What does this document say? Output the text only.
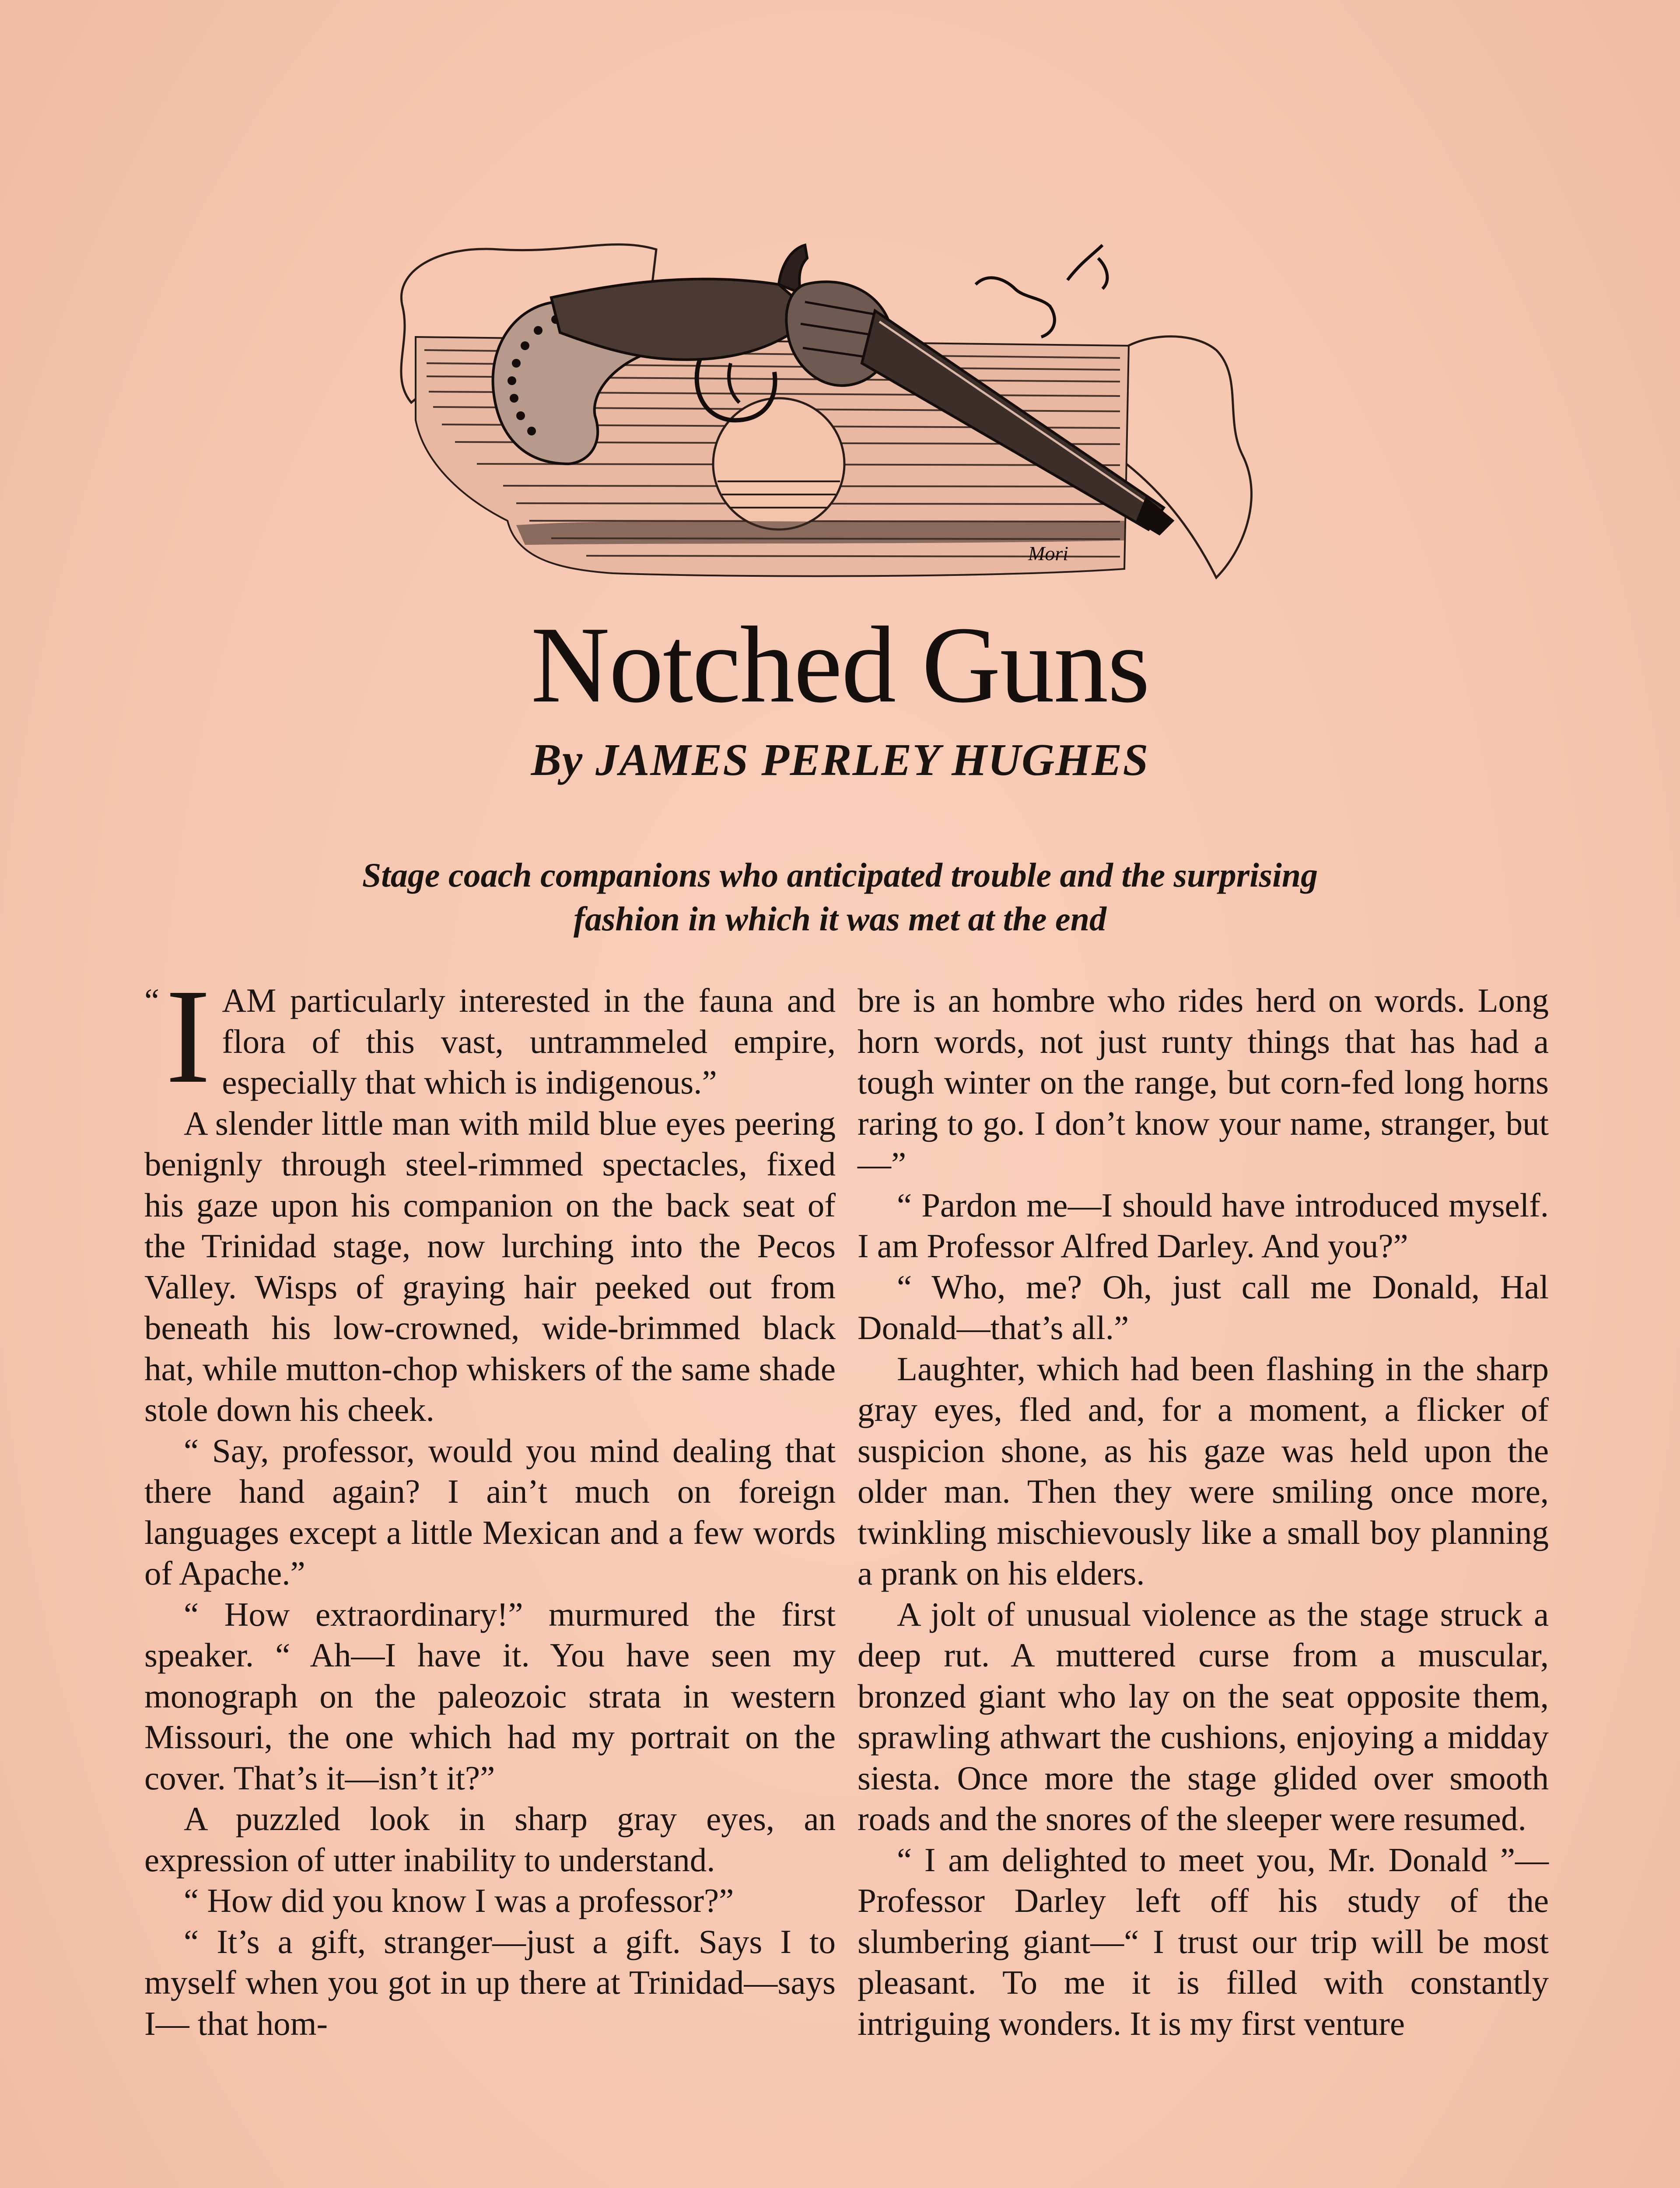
Mori
Notched Guns
By JAMES PERLEY HUGHES
Stage coach companions who anticipated trouble and the surprising fashion in which it was met at the end

“ I AM particularly interested in the fauna and flora of this vast, untrammeled empire, especially that which is indigenous.”

A slender little man with mild blue eyes peering benignly through steel-rimmed spectacles, fixed his gaze upon his companion on the back seat of the Trinidad stage, now lurching into the Pecos Valley. Wisps of graying hair peeked out from beneath his low-crowned, wide-brimmed black hat, while mutton-chop whiskers of the same shade stole down his cheek.

“ Say, professor, would you mind dealing that there hand again? I ain’t much on foreign languages except a little Mexican and a few words of Apache.”

“ How extraordinary!” murmured the first speaker. “ Ah—I have it. You have seen my monograph on the paleozoic strata in western Missouri, the one which had my portrait on the cover. That’s it—isn’t it?”

A puzzled look in sharp gray eyes, an expression of utter inability to understand.

“ How did you know I was a professor?”

“ It’s a gift, stranger—just a gift. Says I to myself when you got in up there at Trinidad—says I— that hom-

bre is an hombre who rides herd on words. Long horn words, not just runty things that has had a tough winter on the range, but corn-fed long horns raring to go. I don’t know your name, stranger, but—”

“ Pardon me—I should have introduced myself. I am Professor Alfred Darley. And you?”

“ Who, me? Oh, just call me Donald, Hal Donald—that’s all.”

Laughter, which had been flashing in the sharp gray eyes, fled and, for a moment, a flicker of suspicion shone, as his gaze was held upon the older man. Then they were smiling once more, twinkling mischievously like a small boy planning a prank on his elders.

A jolt of unusual violence as the stage struck a deep rut. A muttered curse from a muscular, bronzed giant who lay on the seat opposite them, sprawling athwart the cushions, enjoying a midday siesta. Once more the stage glided over smooth roads and the snores of the sleeper were resumed.

“ I am delighted to meet you, Mr. Donald ”—Professor Darley left off his study of the slumbering giant—“ I trust our trip will be most pleasant. To me it is filled with constantly intriguing wonders. It is my first venture
